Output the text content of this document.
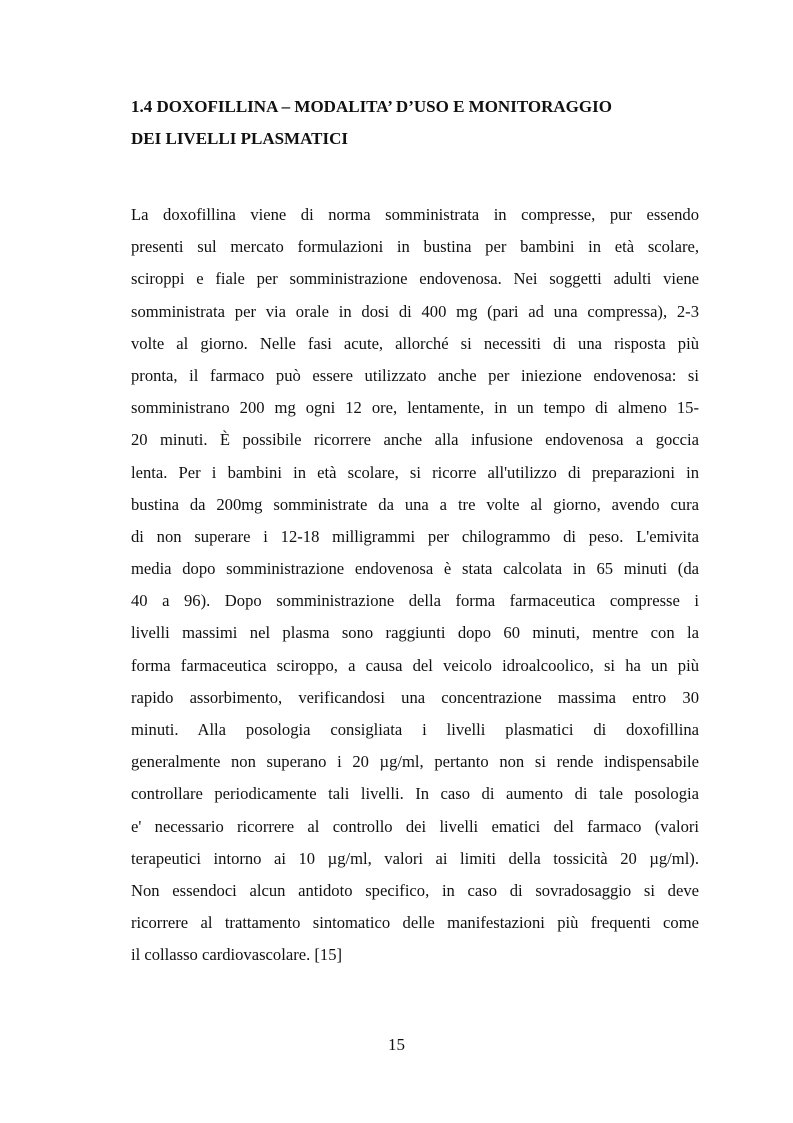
1.4 DOXOFILLINA – MODALITA’ D’USO E MONITORAGGIO
DEI LIVELLI PLASMATICI

La doxofillina viene di norma somministrata in compresse, pur essendo
presenti sul mercato formulazioni in bustina per bambini in età scolare,
sciroppi e fiale per somministrazione endovenosa. Nei soggetti adulti viene
somministrata per via orale in dosi di 400 mg (pari ad una compressa), 2-3
volte al giorno. Nelle fasi acute, allorché si necessiti di una risposta più
pronta, il farmaco può essere utilizzato anche per iniezione endovenosa: si
somministrano 200 mg ogni 12 ore, lentamente, in un tempo di almeno 15-
20 minuti. È possibile ricorrere anche alla infusione endovenosa a goccia
lenta. Per i bambini in età scolare, si ricorre all'utilizzo di preparazioni in
bustina da 200mg somministrate da una a tre volte al giorno, avendo cura
di non superare i 12-18 milligrammi per chilogrammo di peso. L'emivita
media dopo somministrazione endovenosa è stata calcolata in 65 minuti (da
40 a 96). Dopo somministrazione della forma farmaceutica compresse i
livelli massimi nel plasma sono raggiunti dopo 60 minuti, mentre con la
forma farmaceutica sciroppo, a causa del veicolo idroalcoolico, si ha un più
rapido assorbimento, verificandosi una concentrazione massima entro 30
minuti. Alla posologia consigliata i livelli plasmatici di doxofillina
generalmente non superano i 20 µg/ml, pertanto non si rende indispensabile
controllare periodicamente tali livelli. In caso di aumento di tale posologia
e' necessario ricorrere al controllo dei livelli ematici del farmaco (valori
terapeutici intorno ai 10 µg/ml, valori ai limiti della tossicità 20 µg/ml).
Non essendoci alcun antidoto specifico, in caso di sovradosaggio si deve
ricorrere al trattamento sintomatico delle manifestazioni più frequenti come
il collasso cardiovascolare. [15]

15
